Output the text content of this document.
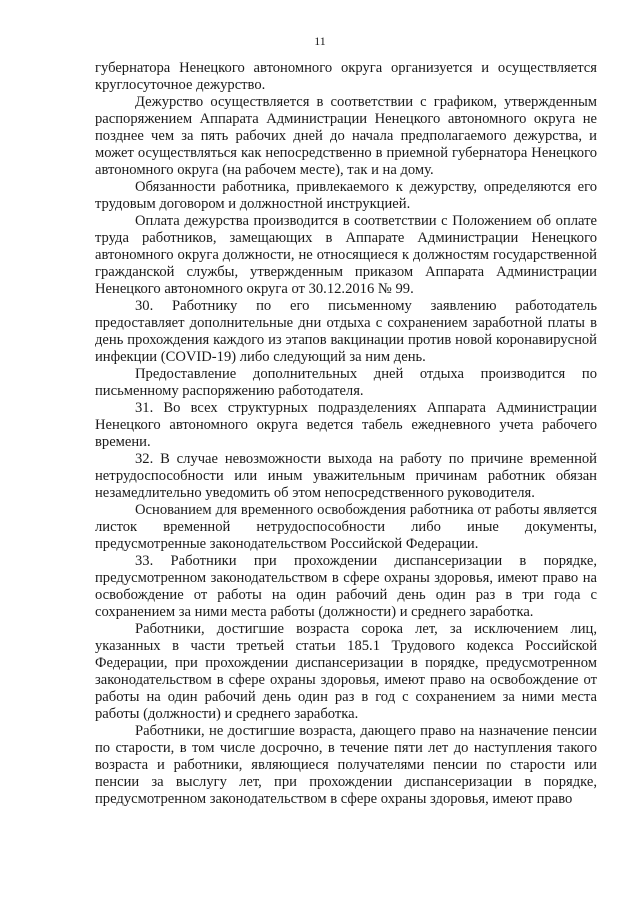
11

губернатора Ненецкого автономного округа организуется и осуществляется круглосуточное дежурство.

Дежурство осуществляется в соответствии с графиком, утвержденным распоряжением Аппарата Администрации Ненецкого автономного округа не позднее чем за пять рабочих дней до начала предполагаемого дежурства, и может осуществляться как непосредственно в приемной губернатора Ненецкого автономного округа (на рабочем месте), так и на дому.

Обязанности работника, привлекаемого к дежурству, определяются его трудовым договором и должностной инструкцией.

Оплата дежурства производится в соответствии с Положением об оплате труда работников, замещающих в Аппарате Администрации Ненецкого автономного округа должности, не относящиеся к должностям государственной гражданской службы, утвержденным приказом Аппарата Администрации Ненецкого автономного округа от 30.12.2016 № 99.

30. Работнику по его письменному заявлению работодатель предоставляет дополнительные дни отдыха с сохранением заработной платы в день прохождения каждого из этапов вакцинации против новой коронавирусной инфекции (COVID-19) либо следующий за ним день.

Предоставление дополнительных дней отдыха производится по письменному распоряжению работодателя.

31. Во всех структурных подразделениях Аппарата Администрации Ненецкого автономного округа ведется табель ежедневного учета рабочего времени.

32. В случае невозможности выхода на работу по причине временной нетрудоспособности или иным уважительным причинам работник обязан незамедлительно уведомить об этом непосредственного руководителя.

Основанием для временного освобождения работника от работы является листок временной нетрудоспособности либо иные документы, предусмотренные законодательством Российской Федерации.

33. Работники при прохождении диспансеризации в порядке, предусмотренном законодательством в сфере охраны здоровья, имеют право на освобождение от работы на один рабочий день один раз в три года с сохранением за ними места работы (должности) и среднего заработка.

Работники, достигшие возраста сорока лет, за исключением лиц, указанных в части третьей статьи 185.1 Трудового кодекса Российской Федерации, при прохождении диспансеризации в порядке, предусмотренном законодательством в сфере охраны здоровья, имеют право на освобождение от работы на один рабочий день один раз в год с сохранением за ними места работы (должности) и среднего заработка.

Работники, не достигшие возраста, дающего право на назначение пенсии по старости, в том числе досрочно, в течение пяти лет до наступления такого возраста и работники, являющиеся получателями пенсии по старости или пенсии за выслугу лет, при прохождении диспансеризации в порядке, предусмотренном законодательством в сфере охраны здоровья, имеют право
